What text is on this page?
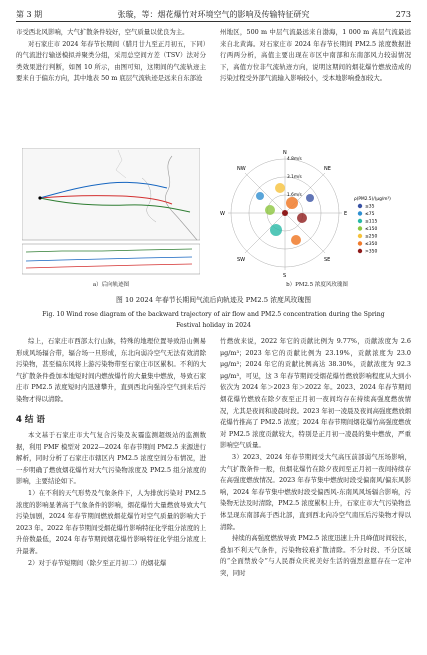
第 3 期	张璇，等：烟花爆竹对环境空气的影响及传输特征研究	273

市受西北风影响，大气扩散条件较好，空气质量以优良为主。

对石家庄市 2024 年春节长期间（腊月廿九至正月初五，下同）的气流进行输送模拟并聚类分组，采用总空间方差（TSV）法对分类效果进行判断，如图 10 所示，由图可知，这期间的气流轨迹主要来自于偏东方向，其中地表 50 m 底层气流轨迹是远来自东部沧

州地区，500 m 中层气流最远来自渤海，1 000 m 高层气流最远来自北黄海。对石家庄市 2024 年春节长期间 PM2.5 浓度数据进行两两分析，高值主要出现在市区中南部和东南部风力较弱情况下，高值方位非气流轨迹方向，说明这期间的烟花爆竹燃放造成的污染过程受外部气流输入影响较小，受本地影响叠加较大。

a）后向轨迹图
N
E
S
W
NW	NE
SE
SW
1.6m/s
3.1m/s
4.8m/s
ρ(PM2.5)/(μg/m³)
≤35
≤75
≤115
≤150
≤250
≤350
>350
b）PM2.5 浓度风玫瑰图
图 10 2024 年春节长期间气流后向轨迹及 PM2.5 浓度风玫瑰图
Fig. 10 Wind rose diagram of the backward trajectory of air flow and PM2.5 concentration during the Spring Festival holiday in 2024

综上，石家庄市西部太行山脉，特殊的地理位置导致沿山侧易形成风场辐合带，辐合场一旦形成，东北向弱冷空气无法有效清除污染物，甚至偏东风将上游污染物带至石家庄市区累积。不利的大气扩散条件叠加本地短时间内燃放爆竹的大量集中燃放，导致石家庄市 PM2.5 浓度短时内迅速攀升，直到西北向强冷空气到来后污染物才得以清除。

4 结 语

本文基于石家庄市大气复合污染及灰霾监测超级站的监测数据，利用 PMF 模型对 2022—2024 年春节期间 PM2.5 来源进行解析，同时分析了石家庄市辖区内 PM2.5 浓度空间分布情况，进一步明确了燃放烟花爆竹对大气污染物浓度及 PM2.5 组分浓度的影响，主要结论如下。

1）在不利的天气形势及气象条件下，人为排放污染对 PM2.5 浓度的影响显著高于气象条件的影响，烟花爆竹大量燃放导致大气污染加剧，2024 年春节期间燃放烟花爆竹对空气质量的影响大于 2023 年。2022 年春节期间受烟花爆竹影响特征化学组分浓度的上升倍数最低，2024 年春节期间烟花爆竹影响特征化学组分浓度上升最著。

2）对于春节短期间（除夕至正月初二）的烟花爆

竹燃放来说，2022 年它的贡献比例为 9.77%，贡献浓度为 2.6 μg/m³；2023 年它的贡献比例为 23.19%，贡献浓度为 23.0 μg/m³；2024 年它的贡献比例高达 38.30%，贡献浓度为 92.3 μg/m³，可见，这 3 年春节期间受烟花爆竹燃放影响程度从大到小依次为 2024 年＞2023 年＞2022 年。2023、2024 年春节期间烟花爆竹燃放在除夕夜至正月初一夜间均存在持续高强度燃放情况，尤其是夜间和凌晨时段。2023 年初一凌晨及夜间高强度燃放烟花爆竹推高了 PM2.5 浓度；2024 年春节期间烟花爆竹高强度燃放对 PM2.5 浓度贡献较大，特别是正月初一凌晨的集中燃放，严重影响空气质量。

3）2023、2024 年春节期间受大气高压前部弱气压场影响，大气扩散条件一般，但烟花爆竹在除夕夜间至正月初一夜间持续存在高强度燃放情况。2023 年春节集中燃放时段受偏南风/偏东风影响，2024 年春节集中燃放时段受偏西风-东南风风场辐合影响，污染物无法及时清除，PM2.5 浓度累积上升，石家庄市大气污染物总体呈现东南部高于西北部，直到西北向冷空气南压后污染物才得以清除。

持续的高强度燃放导致 PM2.5 浓度迅速上升且峰值时间较长，叠加不利天气条件，污染物较难扩散清除。不分时段、不分区域的“全面禁放令”与人民群众庆祝美好生活的强烈意愿存在一定冲突，同时
